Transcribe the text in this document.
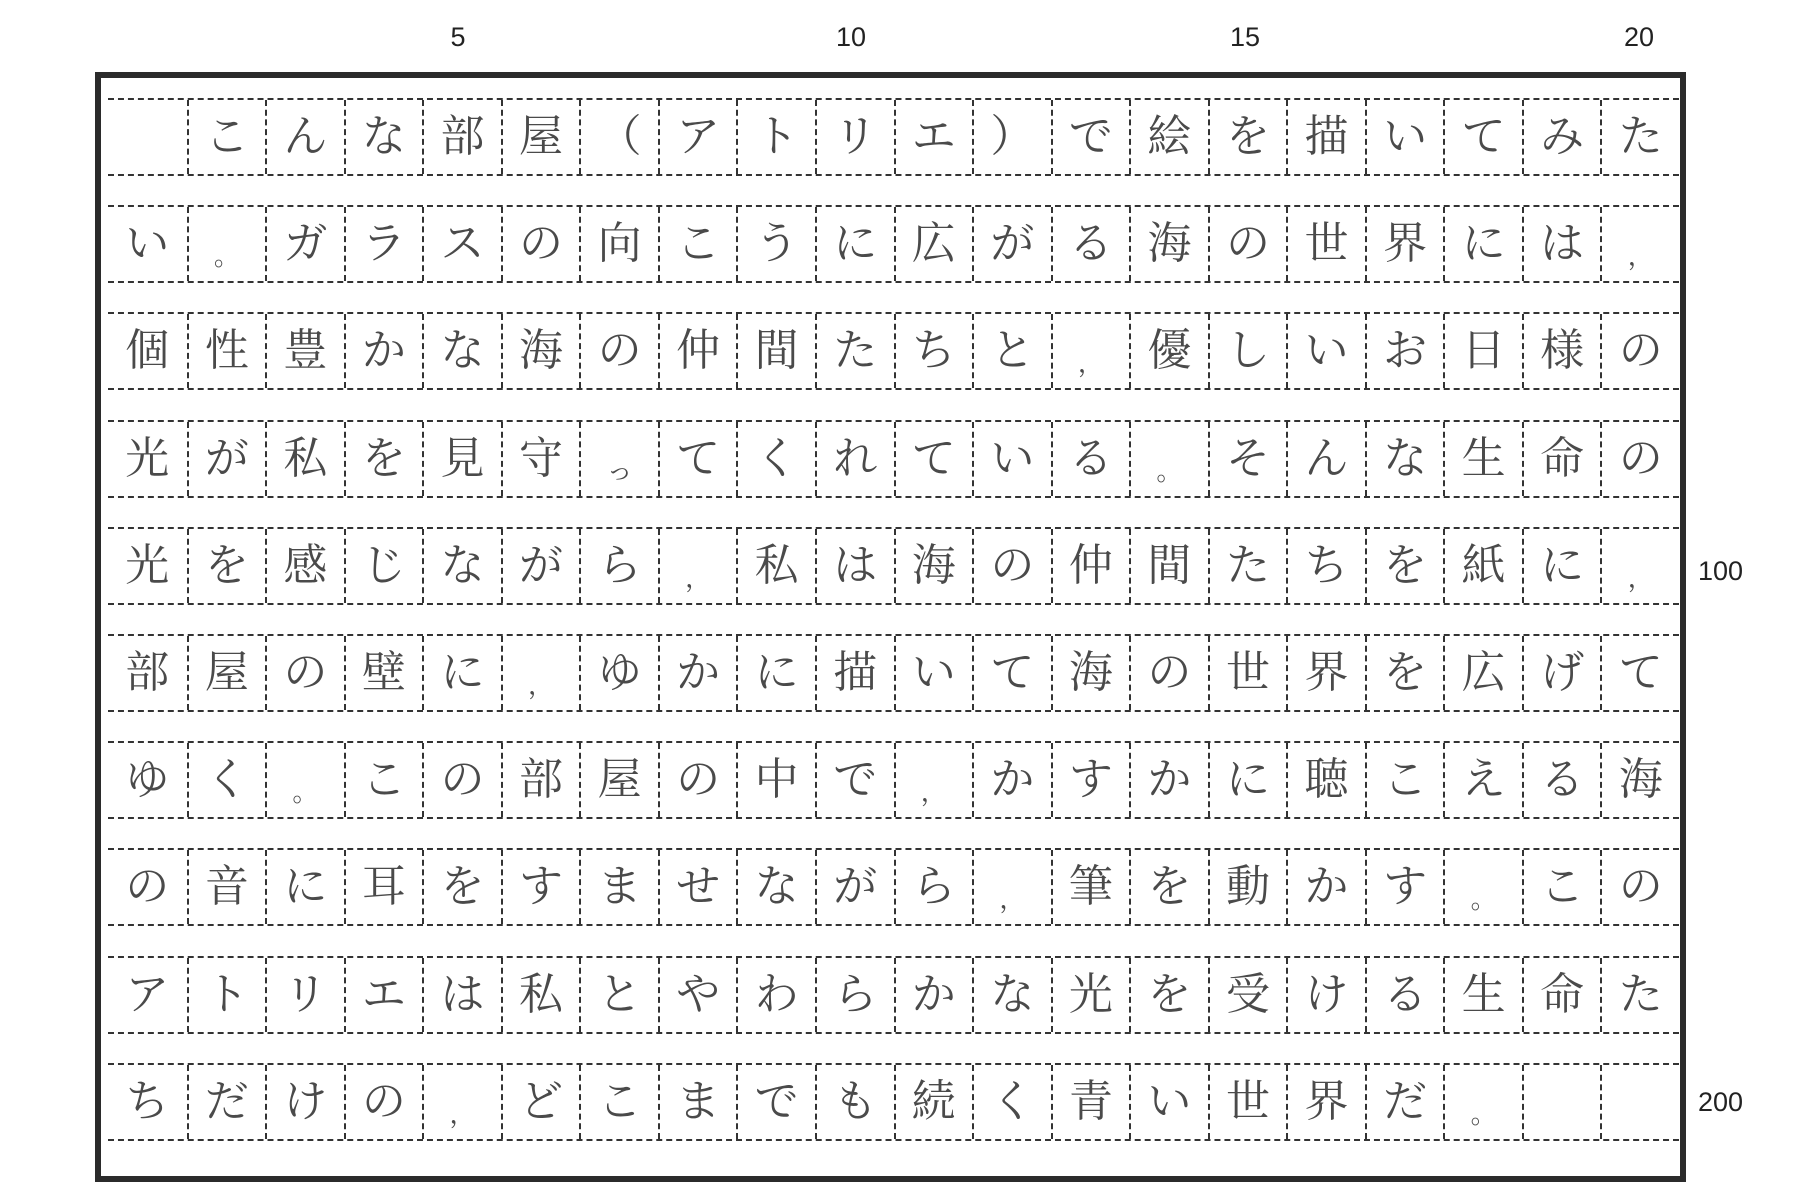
5	10	15	20
100
200
こ ん な 部 屋 （ ア ト リ エ ） で 絵 を 描 い て み た
い	。 ガ ラ ス の 向 こ う に 広 が る 海 の 世 界 に は	，
個 性 豊 か な 海 の 仲 間 た ち と	， 優 し い お 日 様 の
光 が 私 を 見 守	っ て く れ て い る	。 そ ん な 生 命 の
光 を 感 じ な が ら	， 私 は 海 の 仲 間 た ち を 紙 に	，
部 屋 の 壁 に	， ゆ か に 描 い て 海 の 世 界 を 広 げ て
ゆ く	。 こ の 部 屋 の 中 で	， か す か に 聴 こ え る 海
の 音 に 耳 を す ま せ な が ら	， 筆 を 動 か す	。 こ の
ア ト リ エ は 私 と や わ ら か な 光 を 受 け る 生 命 た
ち だ け の	， ど こ ま で も 続 く 青 い 世 界 だ	。
